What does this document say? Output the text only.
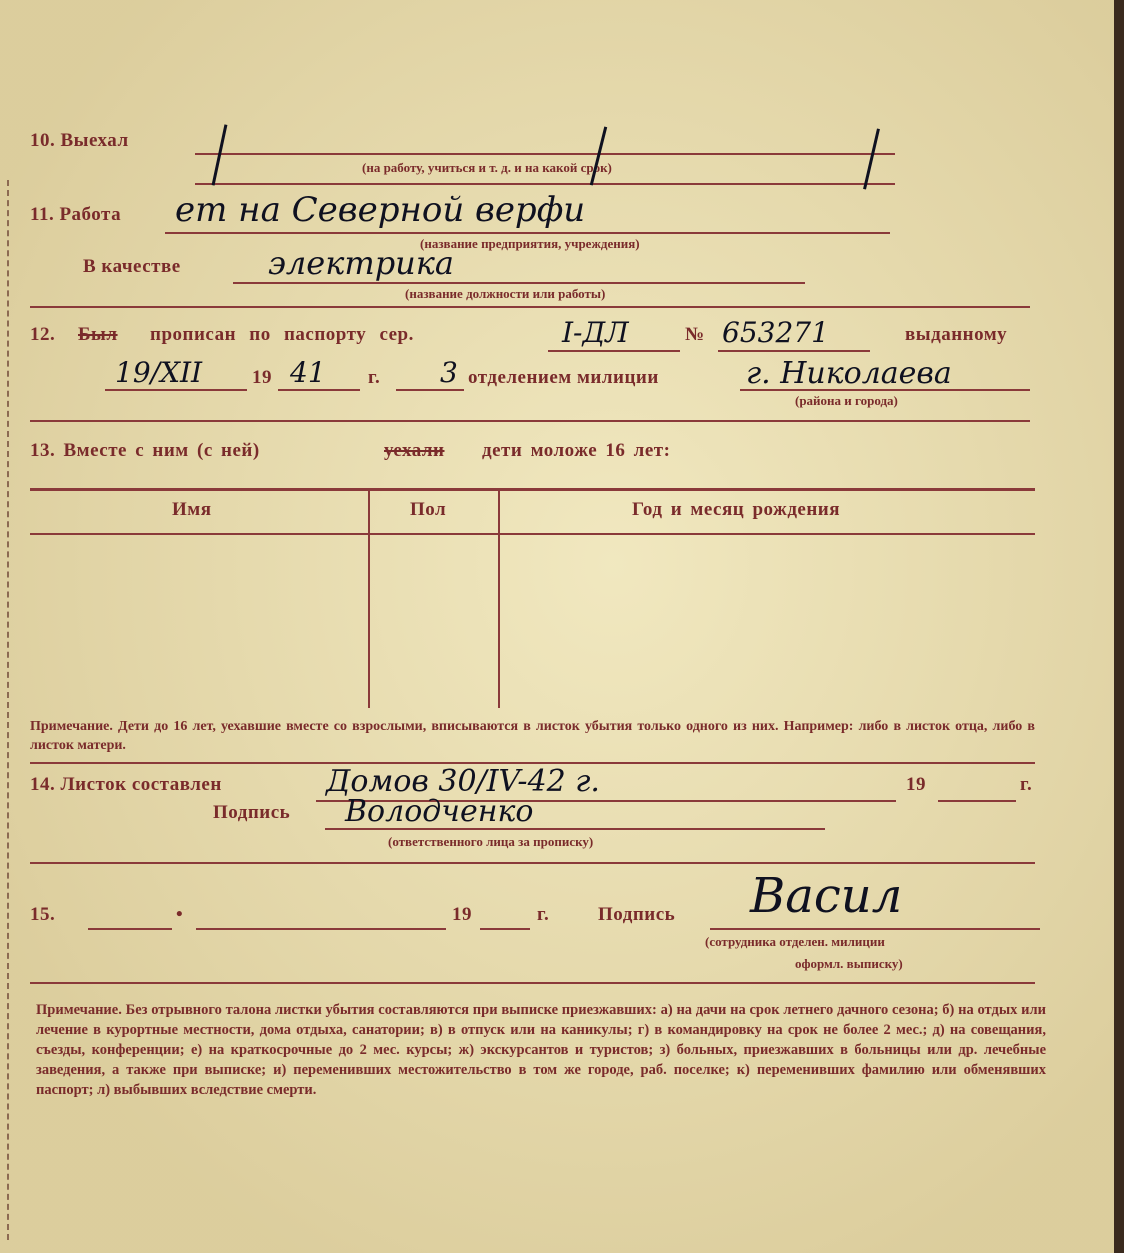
10. Выехал
(на работу, учиться и т. д. и на какой срок)
11. Работа ет на Северной верфи
(название предприятия, учреждения)
В качестве	электрика
(название должности или работы)
12. Был прописан по паспорту сер.	I-ДЛ	№ 653271	выданному
19/XII	19 41 г. 3 отделением милиции	г. Николаева
(района и города)
13. Вместе с ним (с ней)	уехали дети моложе 16 лет:
Имя	Пол	Год и месяц рождения
Примечание. Дети до 16 лет, уехавшие вместе со взрослыми, вписываются в листок убытия только одного из них. Например: либо в листок отца, либо в листок матери.
14. Листок составлен	Домов 30/IV-42 г.	19	г.
Подпись Володченко
(ответственного лица за прописку)
15.	•	19	г.	Подпись Васил
(сотрудника отделен. милиции
оформл. выписку)
Примечание. Без отрывного талона листки убытия составляются при выписке приезжавших: а) на дачи на срок летнего дачного сезона; б) на отдых или лечение в курортные местности, дома отдыха, санатории; в) в отпуск или на каникулы; г) в командировку на срок не более 2 мес.; д) на совещания, съезды, конференции; е) на краткосрочные до 2 мес. курсы; ж) экскурсантов и туристов; з) больных, приезжавших в больницы или др. лечебные заведения, а также при выписке; и) переменивших местожительство в том же городе, раб. поселке; к) переменивших фамилию или обменявших паспорт; л) выбывших вследствие смерти.
